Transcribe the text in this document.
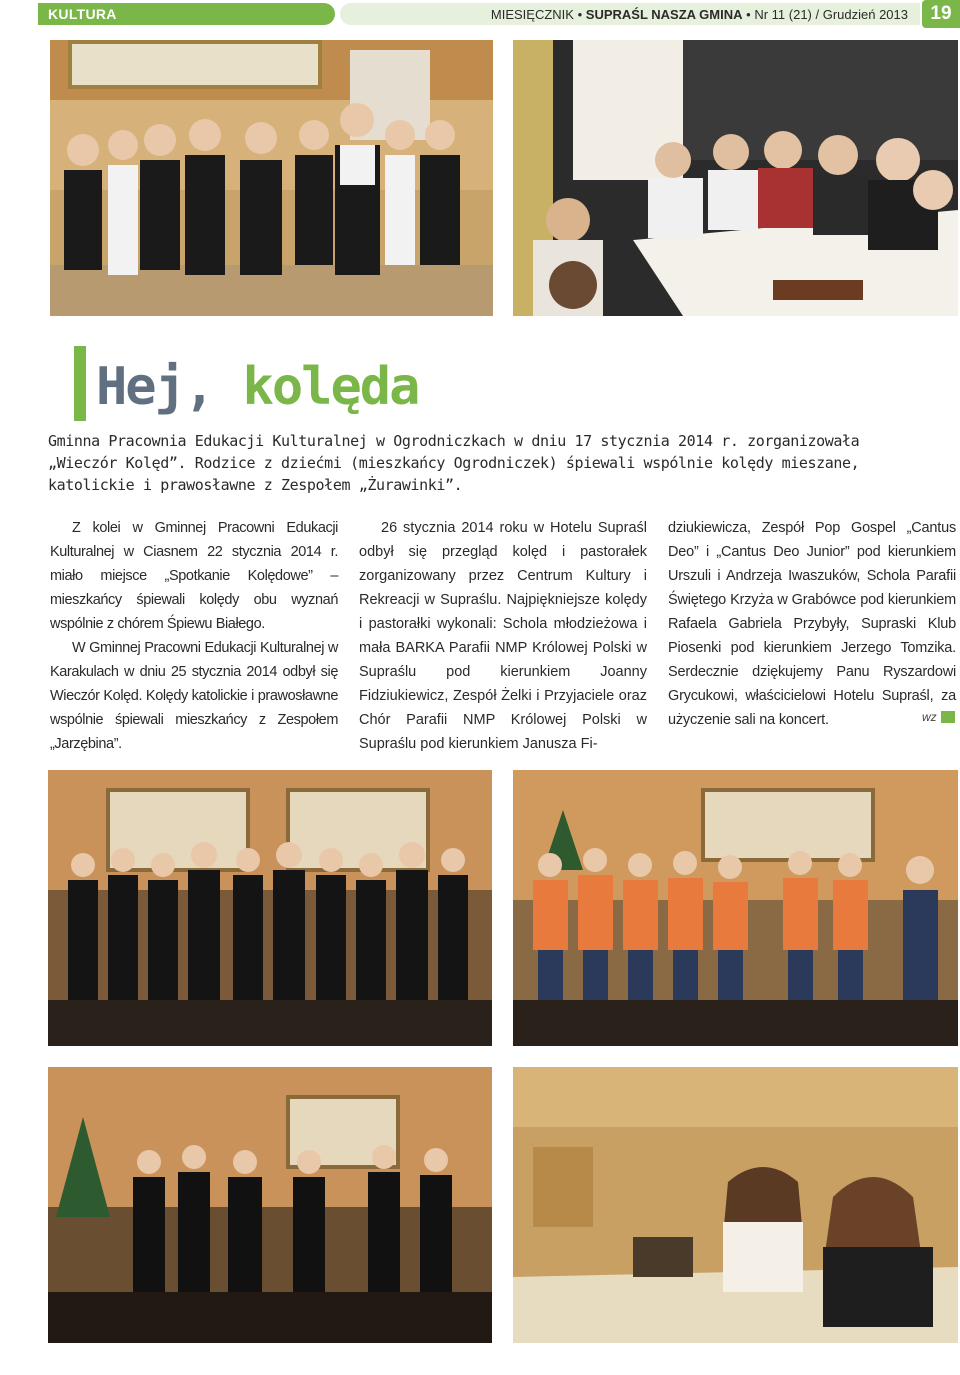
KULTURA	MIESIĘCZNIK • SUPRAŚL NASZA GMINA • Nr 11 (21) / Grudzień 2013	19
Hej, kolęda
Gminna Pracownia Edukacji Kulturalnej w Ogrodniczkach w dniu 17 stycznia 2014 r. zorganizowała „Wieczór Kolęd”. Rodzice z dziećmi (mieszkańcy Ogrodniczek) śpiewali wspólnie kolędy mieszane, katolickie i prawosławne z Zespołem „Żurawinki”.

Z kolei w Gminnej Pracowni Edukacji Kulturalnej w Ciasnem 22 stycznia 2014 r. miało miejsce „Spotkanie Kolędowe” – mieszkańcy śpiewali kolędy obu wyznań wspólnie z chórem Śpiewu Białego.

W Gminnej Pracowni Edukacji Kulturalnej w Karakulach w dniu 25 stycznia 2014 odbył się Wieczór Kolęd. Kolędy katolickie i prawosławne wspólnie śpiewali mieszkańcy z Zespołem „Jarzębina”.

26 stycznia 2014 roku w Hotelu Supraśl odbył się przegląd kolęd i pastorałek zorganizowany przez Centrum Kultury i Rekreacji w Supraślu. Najpiękniejsze kolędy i pastorałki wykonali: Schola młodzieżowa i mała BARKA Parafii NMP Królowej Polski w Supraślu pod kierunkiem Joanny Fidziukiewicz, Zespół Żelki i Przyjaciele oraz Chór Parafii NMP Królowej Polski w Supraślu pod kierunkiem Janusza Fi-

dziukiewicza, Zespół Pop Gospel „Cantus Deo” i „Cantus Deo Junior” pod kierunkiem Urszuli i Andrzeja Iwaszuków, Schola Parafii Świętego Krzyża w Grabówce pod kierunkiem Rafaela Gabriela Przybyły, Supraski Klub Piosenki pod kierunkiem Jerzego Tomzika. Serdecznie dziękujemy Panu Ryszardowi Grycukowi, właścicielowi Hotelu Supraśl, za użyczenie sali na koncert.	wz
